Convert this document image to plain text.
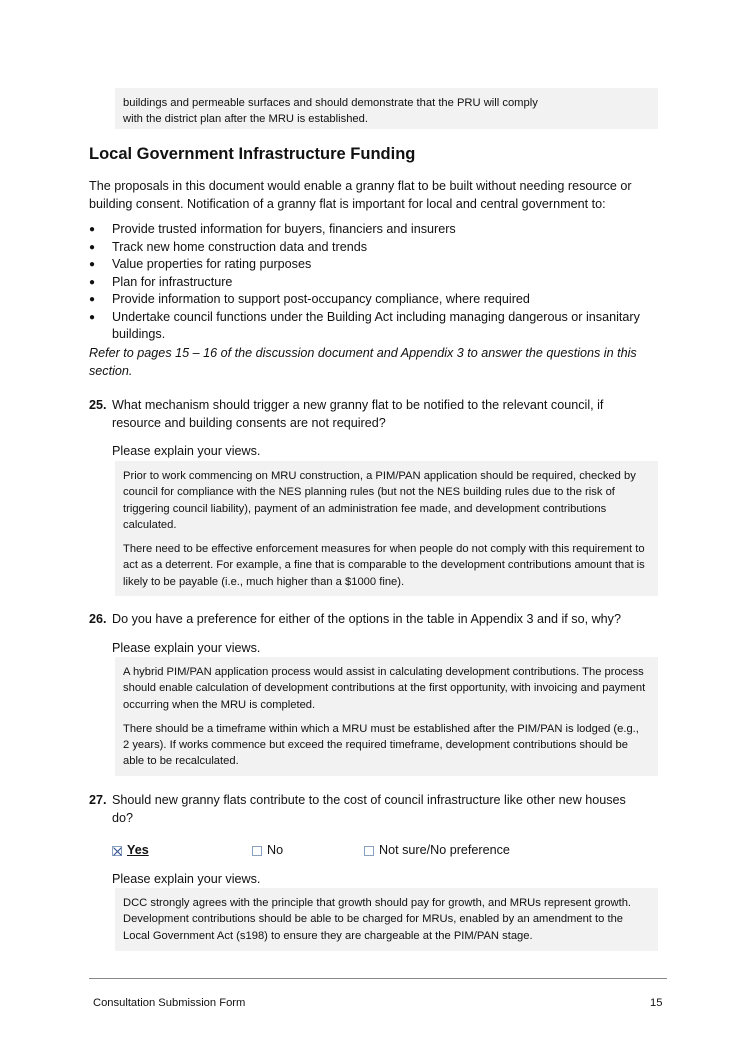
buildings and permeable surfaces and should demonstrate that the PRU will comply
with the district plan after the MRU is established.
Local Government Infrastructure Funding

The proposals in this document would enable a granny flat to be built without needing resource or building consent. Notification of a granny flat is important for local and central government to:

● Provide trusted information for buyers, financiers and insurers
● Track new home construction data and trends
● Value properties for rating purposes
● Plan for infrastructure
● Provide information to support post-occupancy compliance, where required
● Undertake council functions under the Building Act including managing dangerous or insanitary buildings.

Refer to pages 15 – 16 of the discussion document and Appendix 3 to answer the questions in this section.

25. What mechanism should trigger a new granny flat to be notified to the relevant council, if resource and building consents are not required?
Please explain your views.

Prior to work commencing on MRU construction, a PIM/PAN application should be required, checked by council for compliance with the NES planning rules (but not the NES building rules due to the risk of triggering council liability), payment of an administration fee made, and development contributions calculated.

There need to be effective enforcement measures for when people do not comply with this requirement to act as a deterrent. For example, a fine that is comparable to the development contributions amount that is likely to be payable (i.e., much higher than a $1000 fine).

26. Do you have a preference for either of the options in the table in Appendix 3 and if so, why?
Please explain your views.

A hybrid PIM/PAN application process would assist in calculating development contributions. The process should enable calculation of development contributions at the first opportunity, with invoicing and payment occurring when the MRU is completed.

There should be a timeframe within which a MRU must be established after the PIM/PAN is lodged (e.g., 2 years). If works commence but exceed the required timeframe, development contributions should be able to be recalculated.

27. Should new granny flats contribute to the cost of council infrastructure like other new houses do?
Yes	No	Not sure/No preference
Please explain your views.

DCC strongly agrees with the principle that growth should pay for growth, and MRUs represent growth. Development contributions should be able to be charged for MRUs, enabled by an amendment to the Local Government Act (s198) to ensure they are chargeable at the PIM/PAN stage.

Consultation Submission Form	15
